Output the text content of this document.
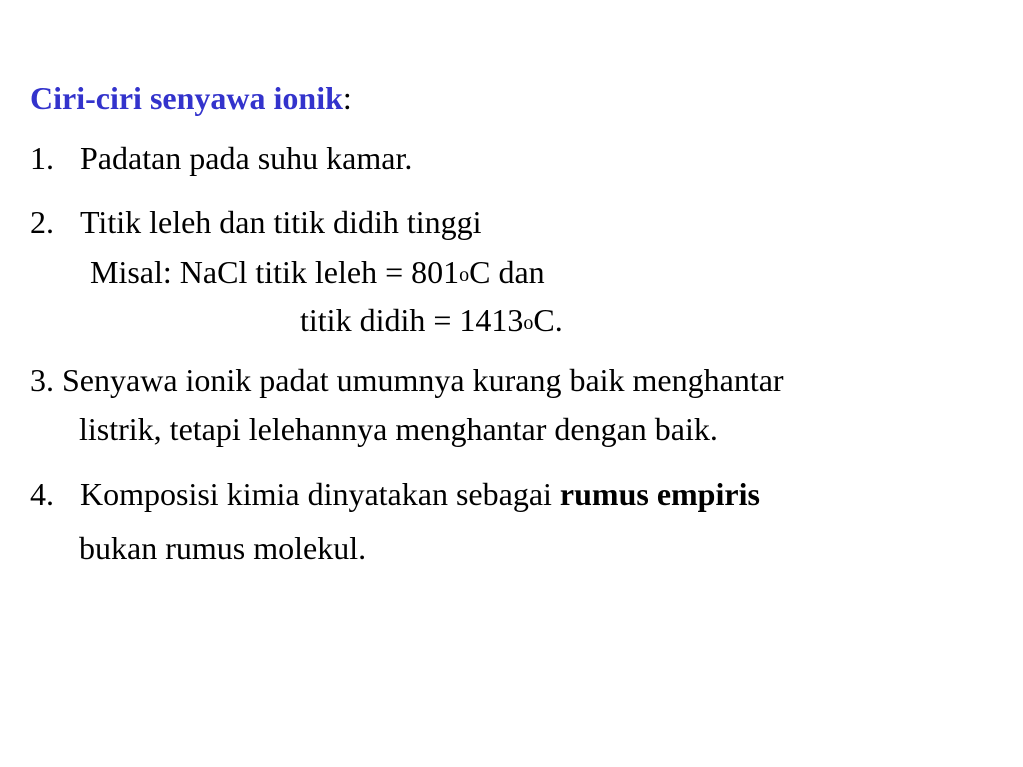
Ciri-ciri senyawa ionik:
1. Padatan pada suhu kamar.
2. Titik leleh dan titik didih tinggi
Misal: NaCl titik leleh = 801oC dan
titik didih = 1413oC.
3. Senyawa ionik padat umumnya kurang baik menghantar
listrik, tetapi lelehannya menghantar dengan baik.
4. Komposisi kimia dinyatakan sebagai rumus empiris
bukan rumus molekul.
